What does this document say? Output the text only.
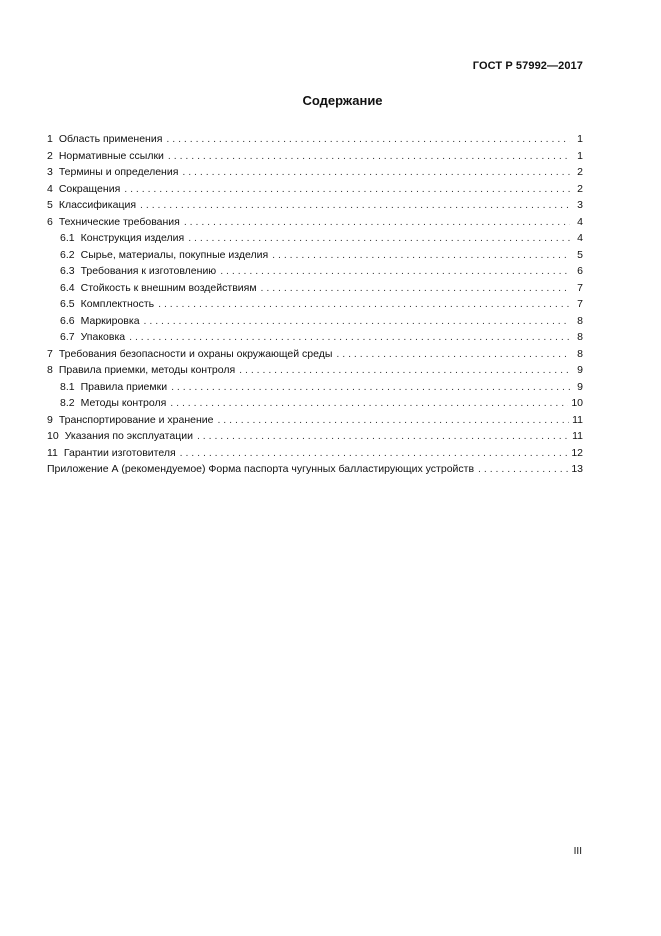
ГОСТ Р 57992—2017
Содержание
1 Область применения . . .	1
2 Нормативные ссылки . . .	1
3 Термины и определения . . .	2
4 Сокращения . . .	2
5 Классификация . . .	3
6 Технические требования . . .	4
6.1 Конструкция изделия . . .	4
6.2 Сырье, материалы, покупные изделия . . .	5
6.3 Требования к изготовлению . . .	6
6.4 Стойкость к внешним воздействиям . . .	7
6.5 Комплектность . . .	7
6.6 Маркировка . . .	8
6.7 Упаковка . . .	8
7 Требования безопасности и охраны окружающей среды . . .	8
8 Правила приемки, методы контроля . . .	9
8.1 Правила приемки . . .	9
8.2 Методы контроля . . .	10
9 Транспортирование и хранение . . .	11
10 Указания по эксплуатации . . .	11
11 Гарантии изготовителя . . .	12
Приложение А (рекомендуемое) Форма паспорта чугунных балластирующих устройств . . .	13
III
